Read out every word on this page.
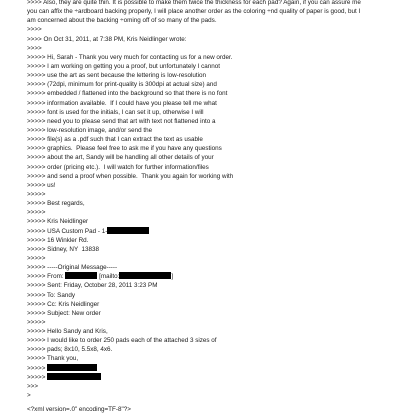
>>>> Also, they are quite thin. It is possible to make them twice the thickness for each pad? Again, if you can assure me
you can affix the ÷ardboard backing properly, I will place another order as the coloring ÷nd quality of paper is good, but I
am concerned about the backing ÷oming off of so many of the pads.
>>>>
>>>> On Oct 31, 2011, at 7:38 PM, Kris Neidlinger wrote:
>>>>
>>>>> Hi, Sarah - Thank you very much for contacting us for a new order.
>>>>> I am working on getting you a proof, but unfortunately I cannot
>>>>> use the art as sent because the lettering is low-resolution
>>>>> (72dpi, minimum for print-quality is 300dpi at actual size) and
>>>>> embedded / flattened into the background so that there is no font
>>>>> information available.  If I could have you please tell me what
>>>>> font is used for the initials, I can set it up, otherwise I will
>>>>> need you to please send that art with text not flattened into a
>>>>> low-resolution image, and/or send the
>>>>> file(s) as a .pdf such that I can extract the text as usable
>>>>> graphics.  Please feel free to ask me if you have any questions
>>>>> about the art, Sandy will be handling all other details of your
>>>>> order (pricing etc.).  I will watch for further information/files
>>>>> and send a proof when possible.  Thank you again for working with
>>>>> us!
>>>>>
>>>>> Best regards,
>>>>>
>>>>> Kris Neidlinger
>>>>> USA Custom Pad - 1-
>>>>> 16 Winkler Rd.
>>>>> Sidney, NY  13838
>>>>>
>>>>> -----Original Message-----
>>>>> From:	[mailto:	]
>>>>> Sent: Friday, October 28, 2011 3:23 PM
>>>>> To: Sandy
>>>>> Cc: Kris Neidlinger
>>>>> Subject: New order
>>>>>
>>>>> Hello Sandy and Kris,
>>>>> I would like to order 250 pads each of the attached 3 sizes of
>>>>> pads; 8x10, 5.5x8, 4x6.
>>>>> Thank you,
>>>>>
>>>>>
>>>
>
<?xml version=.0" encoding=TF-8"?>
